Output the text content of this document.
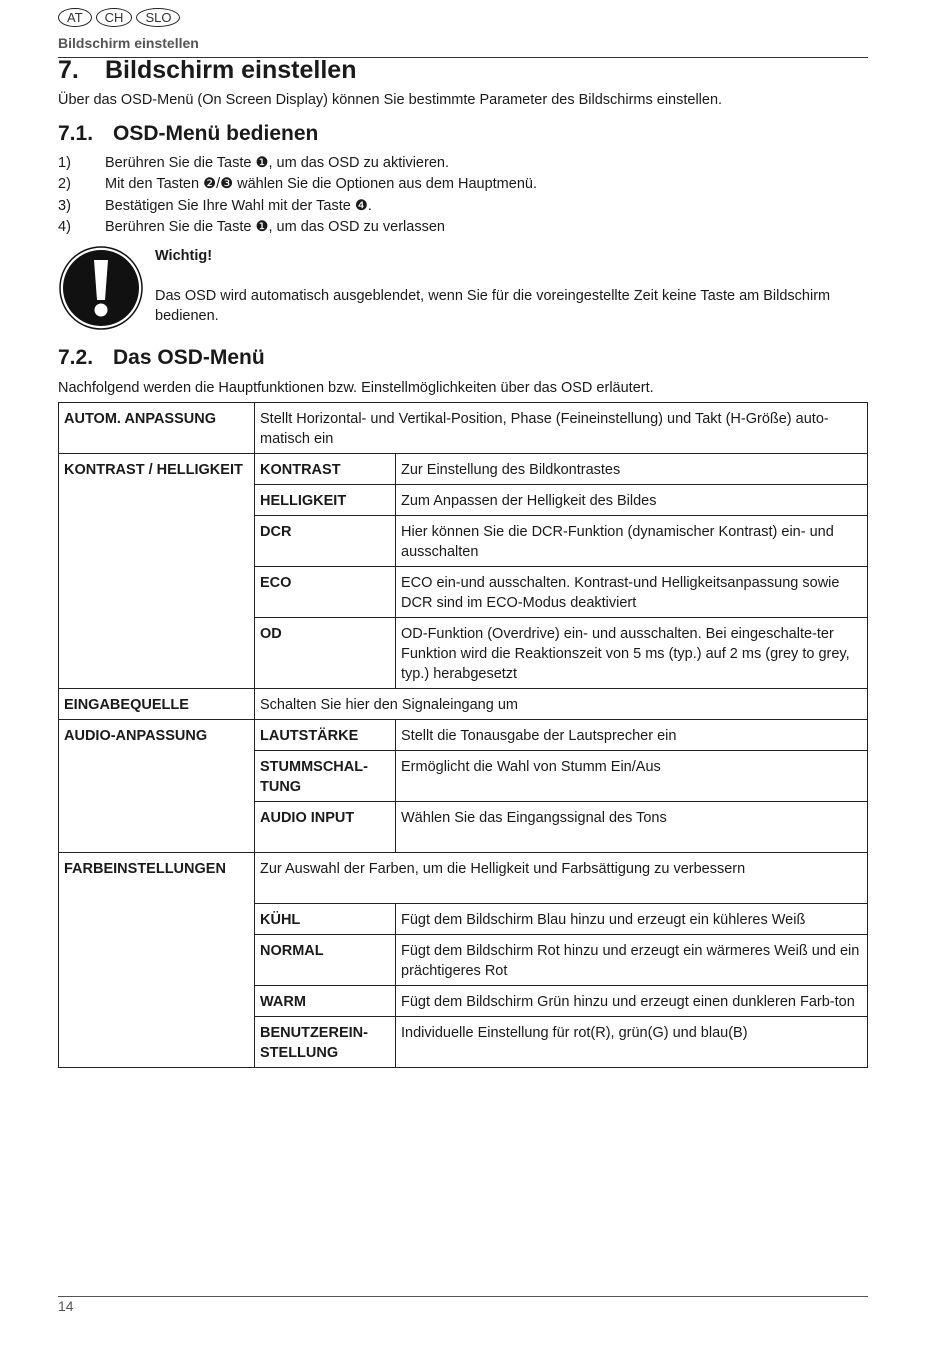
AT	CH	SLO
Bildschirm einstellen
7. Bildschirm einstellen

Über das OSD-Menü (On Screen Display) können Sie bestimmte Parameter des Bildschirms einstellen.

7.1. OSD-Menü bedienen
1)	Berühren Sie die Taste ❶, um das OSD zu aktivieren.
2)	Mit den Tasten ❷/❸ wählen Sie die Optionen aus dem Hauptmenü.
3)	Bestätigen Sie Ihre Wahl mit der Taste ❹.
4)	Berühren Sie die Taste ❶, um das OSD zu verlassen
Wichtig!
Das OSD wird automatisch ausgeblendet, wenn Sie für die voreingestellte Zeit keine Taste am Bildschirm bedienen.
7.2. Das OSD-Menü

Nachfolgend werden die Hauptfunktionen bzw. Einstellmöglichkeiten über das OSD erläutert.

AUTOM. ANPASSUNG	Stellt Horizontal- und Vertikal-Position, Phase (Feineinstellung) und Takt (H-Größe) auto-matisch ein	
KONTRAST / HELLIGKEIT	KONTRAST	Zur Einstellung des Bildkontrastes
	HELLIGKEIT	Zum Anpassen der Helligkeit des Bildes
	DCR	Hier können Sie die DCR-Funktion (dynamischer Kontrast) ein- und ausschalten
	ECO	ECO ein-und ausschalten. Kontrast-und Helligkeitsanpassung sowie DCR sind im ECO-Modus deaktiviert
	OD	OD-Funktion (Overdrive) ein- und ausschalten. Bei eingeschalte-ter Funktion wird die Reaktionszeit von 5 ms (typ.) auf 2 ms (grey to grey, typ.) herabgesetzt
EINGABEQUELLE	Schalten Sie hier den Signaleingang um	
AUDIO-ANPASSUNG	LAUTSTÄRKE	Stellt die Tonausgabe der Lautsprecher ein
	STUMMSCHAL-TUNG	Ermöglicht die Wahl von Stumm Ein/Aus
	AUDIO INPUT	Wählen Sie das Eingangssignal des Tons
FARBEINSTELLUNGEN	Zur Auswahl der Farben, um die Helligkeit und Farbsättigung zu verbessern	
	KÜHL	Fügt dem Bildschirm Blau hinzu und erzeugt ein kühleres Weiß
	NORMAL	Fügt dem Bildschirm Rot hinzu und erzeugt ein wärmeres Weiß und ein prächtigeres Rot
	WARM	Fügt dem Bildschirm Grün hinzu und erzeugt einen dunkleren Farb-ton
	BENUTZEREIN-STELLUNG	Individuelle Einstellung für rot(R), grün(G) und blau(B)
14
